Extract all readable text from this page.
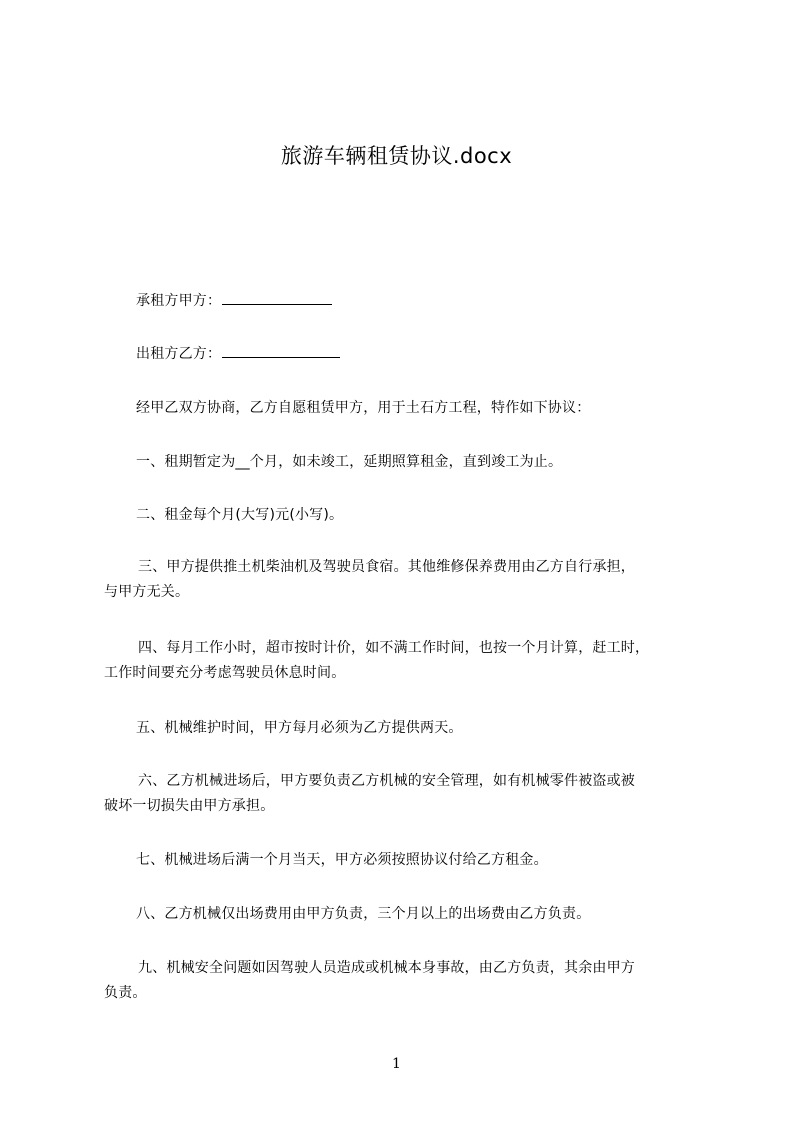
旅游车辆租赁协议.docx
承租方甲方：
出租方乙方：
经甲乙双方协商，乙方自愿租赁甲方，用于土石方工程，特作如下协议：
一、租期暂定为__个月，如未竣工，延期照算租金，直到竣工为止。
二、租金每个月(大写)元(小写)。
三、甲方提供推土机柴油机及驾驶员食宿。其他维修保养费用由乙方自行承担，
与甲方无关。
四、每月工作小时，超市按时计价，如不满工作时间，也按一个月计算，赶工时，
工作时间要充分考虑驾驶员休息时间。
五、机械维护时间，甲方每月必须为乙方提供两天。
六、乙方机械进场后，甲方要负责乙方机械的安全管理，如有机械零件被盗或被
破坏一切损失由甲方承担。
七、机械进场后满一个月当天，甲方必须按照协议付给乙方租金。
八、乙方机械仅出场费用由甲方负责，三个月以上的出场费由乙方负责。
九、机械安全问题如因驾驶人员造成或机械本身事故，由乙方负责，其余由甲方
负责。
1
